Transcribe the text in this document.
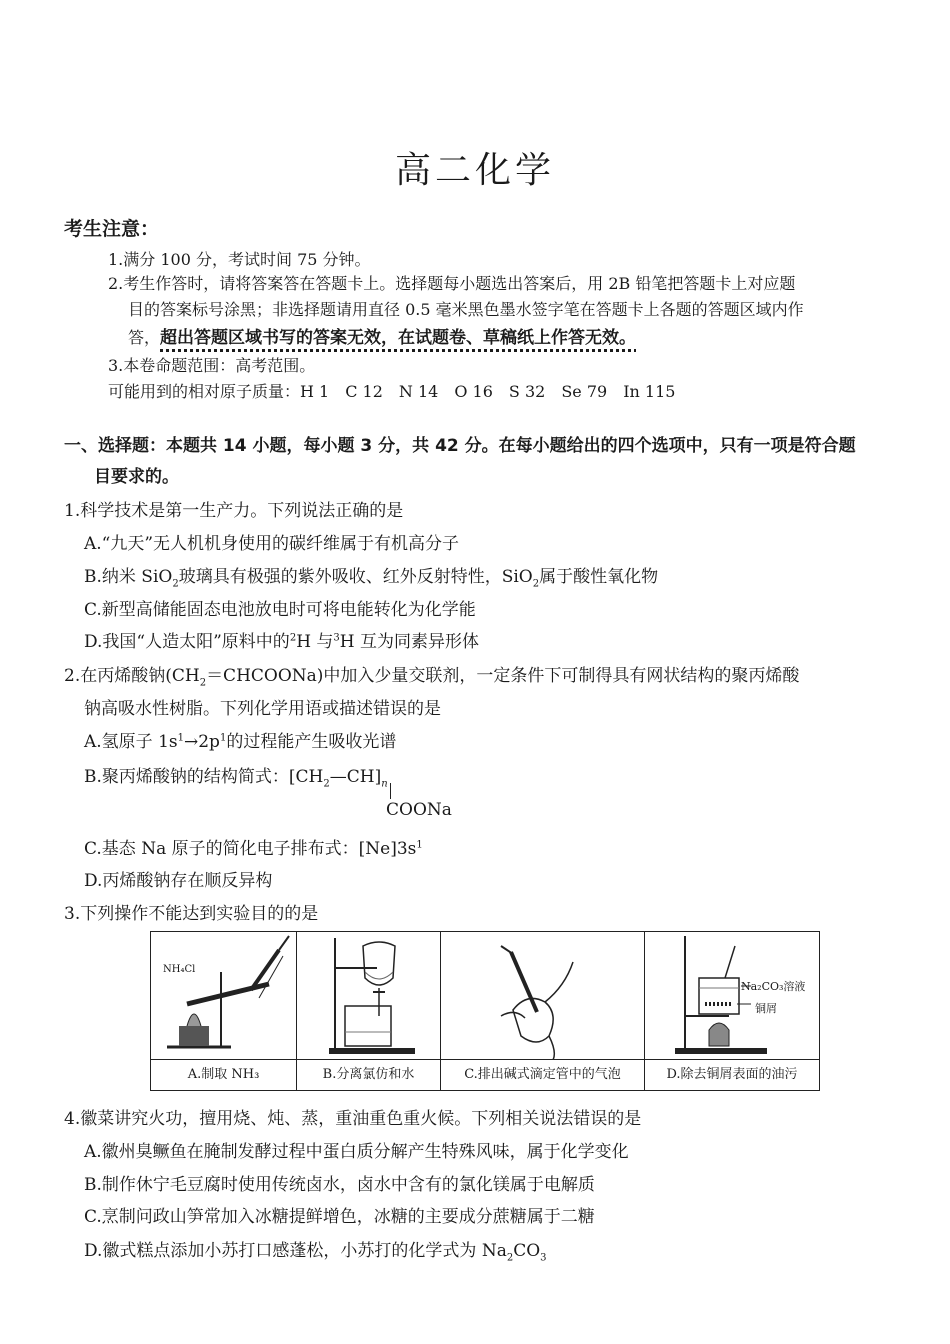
高二化学
考生注意：
1.满分 100 分，考试时间 75 分钟。
2.考生作答时，请将答案答在答题卡上。选择题每小题选出答案后，用 2B 铅笔把答题卡上对应题
目的答案标号涂黑；非选择题请用直径 0.5 毫米黑色墨水签字笔在答题卡上各题的答题区域内作
答，超出答题区域书写的答案无效，在试题卷、草稿纸上作答无效。
3.本卷命题范围：高考范围。
可能用到的相对原子质量：H 1　C 12　N 14　O 16　S 32　Se 79　In 115
一、选择题：本题共 14 小题，每小题 3 分，共 42 分。在每小题给出的四个选项中，只有一项是符合题
目要求的。
1.科学技术是第一生产力。下列说法正确的是
A.“九天”无人机机身使用的碳纤维属于有机高分子
B.纳米 SiO$_2$玻璃具有极强的紫外吸收、红外反射特性，SiO$_2$属于酸性氧化物
C.新型高储能固态电池放电时可将电能转化为化学能
D.我国“人造太阳”原料中的$^2$H 与$^3$H 互为同素异形体
2.在丙烯酸钠$(CH_2=CHCOONa)$中加入少量交联剂，一定条件下可制得具有网状结构的聚丙烯酸
钠高吸水性树脂。下列化学用语或描述错误的是
A.氢原子 $1s^1\to 2p^1$的过程能产生吸收光谱
B.聚丙烯酸钠的结构简式：$[CH_2—CH]_n$
COONa
C.基态 Na 原子的简化电子排布式：$[Ne]3s^1$
D.丙烯酸钠存在顺反异构
3.下列操作不能达到实验目的的是
NH₄Cl
A.制取 NH₃	B.分离氯仿和水	C.排出碱式滴定管中的气泡
Na₂CO₃溶液
铜屑
D.除去铜屑表面的油污
4.徽菜讲究火功，擅用烧、炖、蒸，重油重色重火候。下列相关说法错误的是
A.徽州臭鳜鱼在腌制发酵过程中蛋白质分解产生特殊风味，属于化学变化
B.制作休宁毛豆腐时使用传统卤水，卤水中含有的氯化镁属于电解质
C.烹制问政山笋常加入冰糖提鲜增色，冰糖的主要成分蔗糖属于二糖
D.徽式糕点添加小苏打口感蓬松，小苏打的化学式为 $Na_2CO_3$
